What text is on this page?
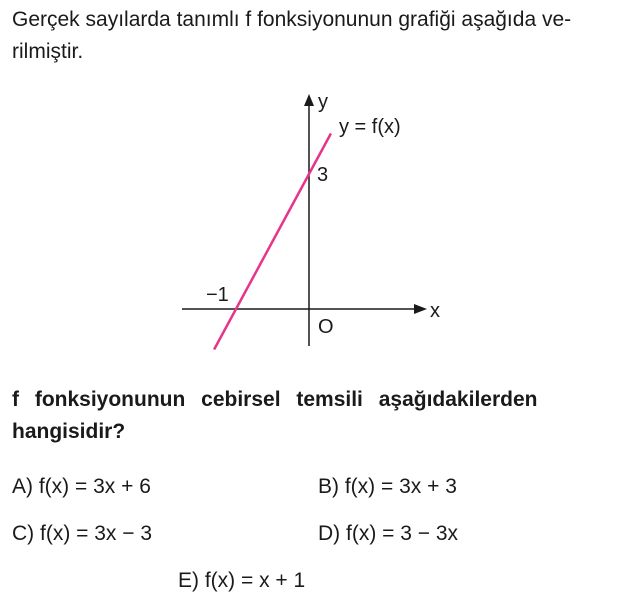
Gerçek sayılarda tanımlı f fonksiyonunun grafiği aşağıda ve-
rilmiştir.
y
x
y = f(x)
3
−1
O
f fonksiyonunun cebirsel temsili aşağıdakilerden
hangisidir?
A) f(x) = 3x + 6	B) f(x) = 3x + 3
C) f(x) = 3x − 3	D) f(x) = 3 − 3x
E) f(x) = x + 1
